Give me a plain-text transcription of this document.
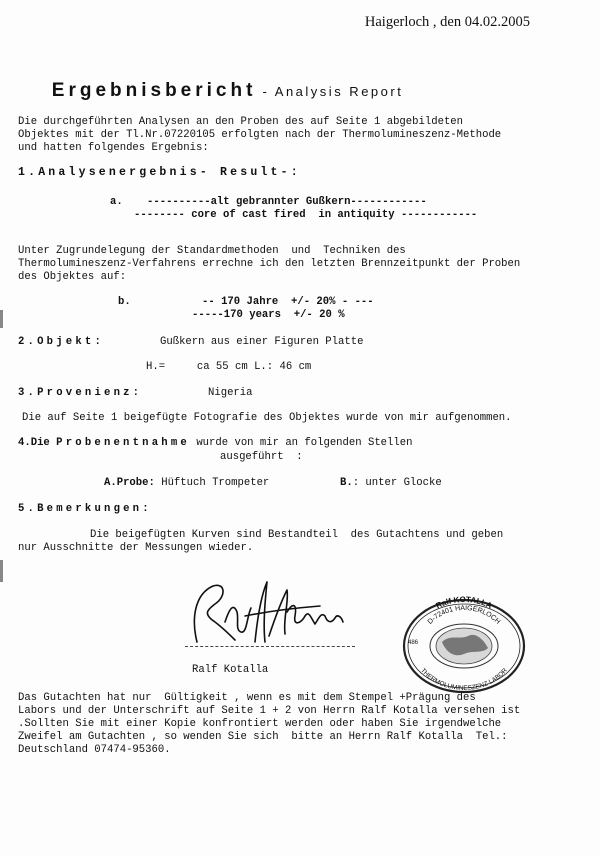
Haigerloch , den 04.02.2005

Ergebnisbericht - Analysis Report

Die durchgeführten Analysen an den Proben des auf Seite 1 abgebildeten
Objektes mit der Tl.Nr.07220105 erfolgten nach der Thermolumineszenz-Methode
und hatten folgendes Ergebnis:
1.Analysenergebnis- Result-:
a. ----------alt gebrannter Gußkern------------
-------- core of cast fired  in antiquity ------------
Unter Zugrundelegung der Standardmethoden  und  Techniken des
Thermolumineszenz-Verfahrens errechne ich den letzten Brennzeitpunkt der Proben
des Objektes auf:
b.	-- 170 Jahre  +/- 20% - ---
-----170 years  +/- 20 %
2.Objekt:	Gußkern aus einer Figuren Platte
H.=     ca 55 cm L.: 46 cm
3.Provenienz:	Nigeria
Die auf Seite 1 beigefügte Fotografie des Objektes wurde von mir aufgenommen.
4.Die Probenentnahme wurde von mir an folgenden Stellen
ausgeführt  :
A.Probe: Hüftuch Trompeter	B.: unter Glocke
5.Bemerkungen:
Die beigefügten Kurven sind Bestandteil  des Gutachtens und geben
nur Ausschnitte der Messungen wieder.
Ralf Kotalla
Ralf KOTALLA
D-72401 HAIGERLOCH
THERMOLUMINESZENZ LABOR
486
Das Gutachten hat nur  Gültigkeit , wenn es mit dem Stempel +Prägung des
Labors und der Unterschrift auf Seite 1 + 2 von Herrn Ralf Kotalla versehen ist
.Sollten Sie mit einer Kopie konfrontiert werden oder haben Sie irgendwelche
Zweifel am Gutachten , so wenden Sie sich  bitte an Herrn Ralf Kotalla  Tel.:
Deutschland 07474-95360.
